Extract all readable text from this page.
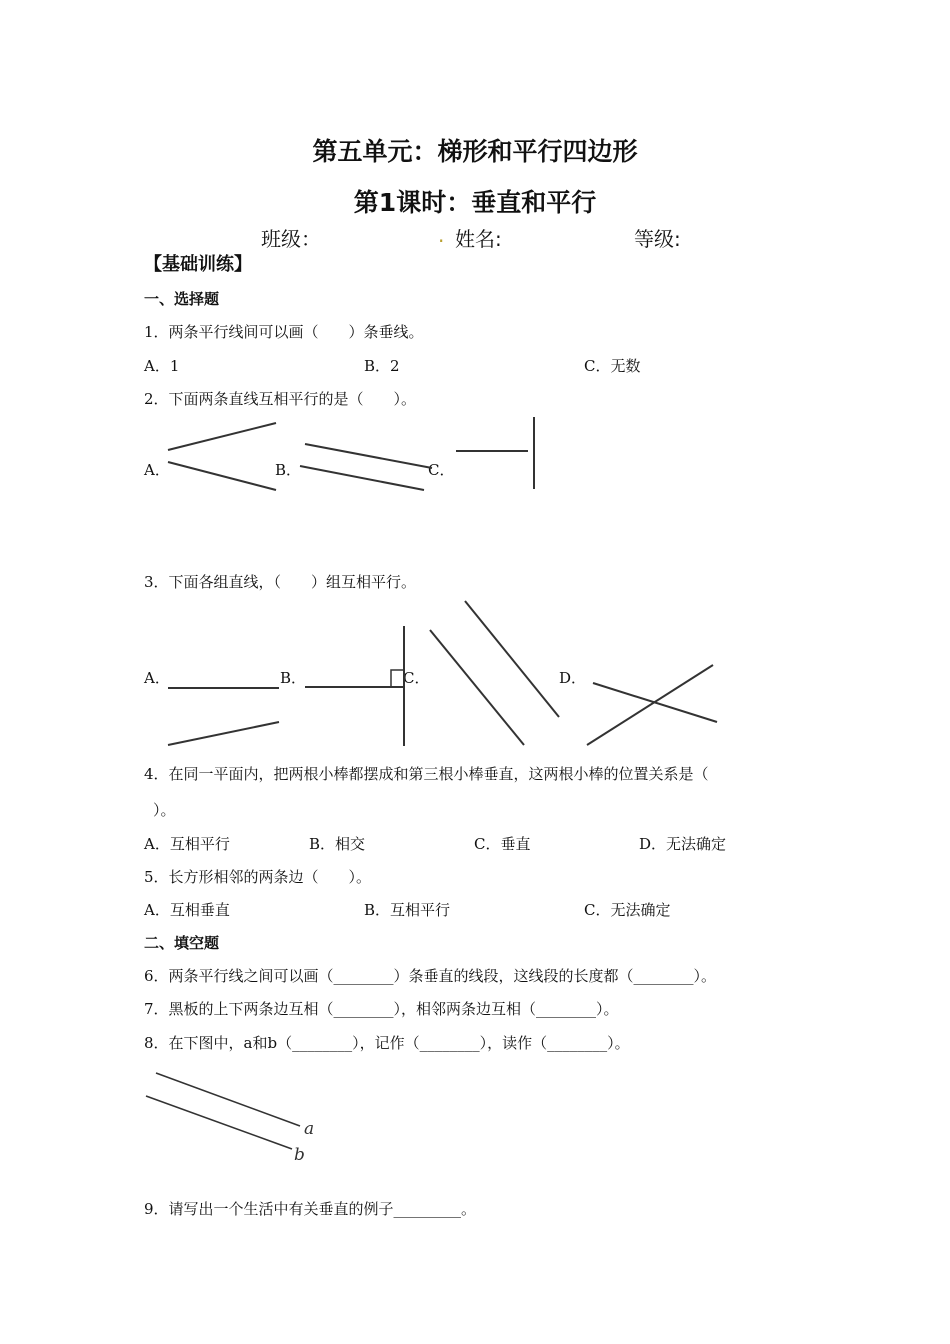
第五单元：梯形和平行四边形
第1课时：垂直和平行
班级：	. 姓名:	等级:
【基础训练】
一、选择题
1．两条平行线间可以画（　　）条垂线。
A．1	B．2	C．无数
2．下面两条直线互相平行的是（　　）。
A．	B．	C．
3．下面各组直线，（　　）组互相平行。
A．	B．	C．	D．
4．在同一平面内，把两根小棒都摆成和第三根小棒垂直，这两根小棒的位置关系是（
）。
A．互相平行	B．相交	C．垂直	D．无法确定
5．长方形相邻的两条边（　　）。
A．互相垂直	B．互相平行	C．无法确定
二、填空题
6．两条平行线之间可以画（________）条垂直的线段，这线段的长度都（________）。
7．黑板的上下两条边互相（________），相邻两条边互相（________）。
8．在下图中，a和b（________），记作（________），读作（________）。
a
b
9．请写出一个生活中有关垂直的例子_________。
